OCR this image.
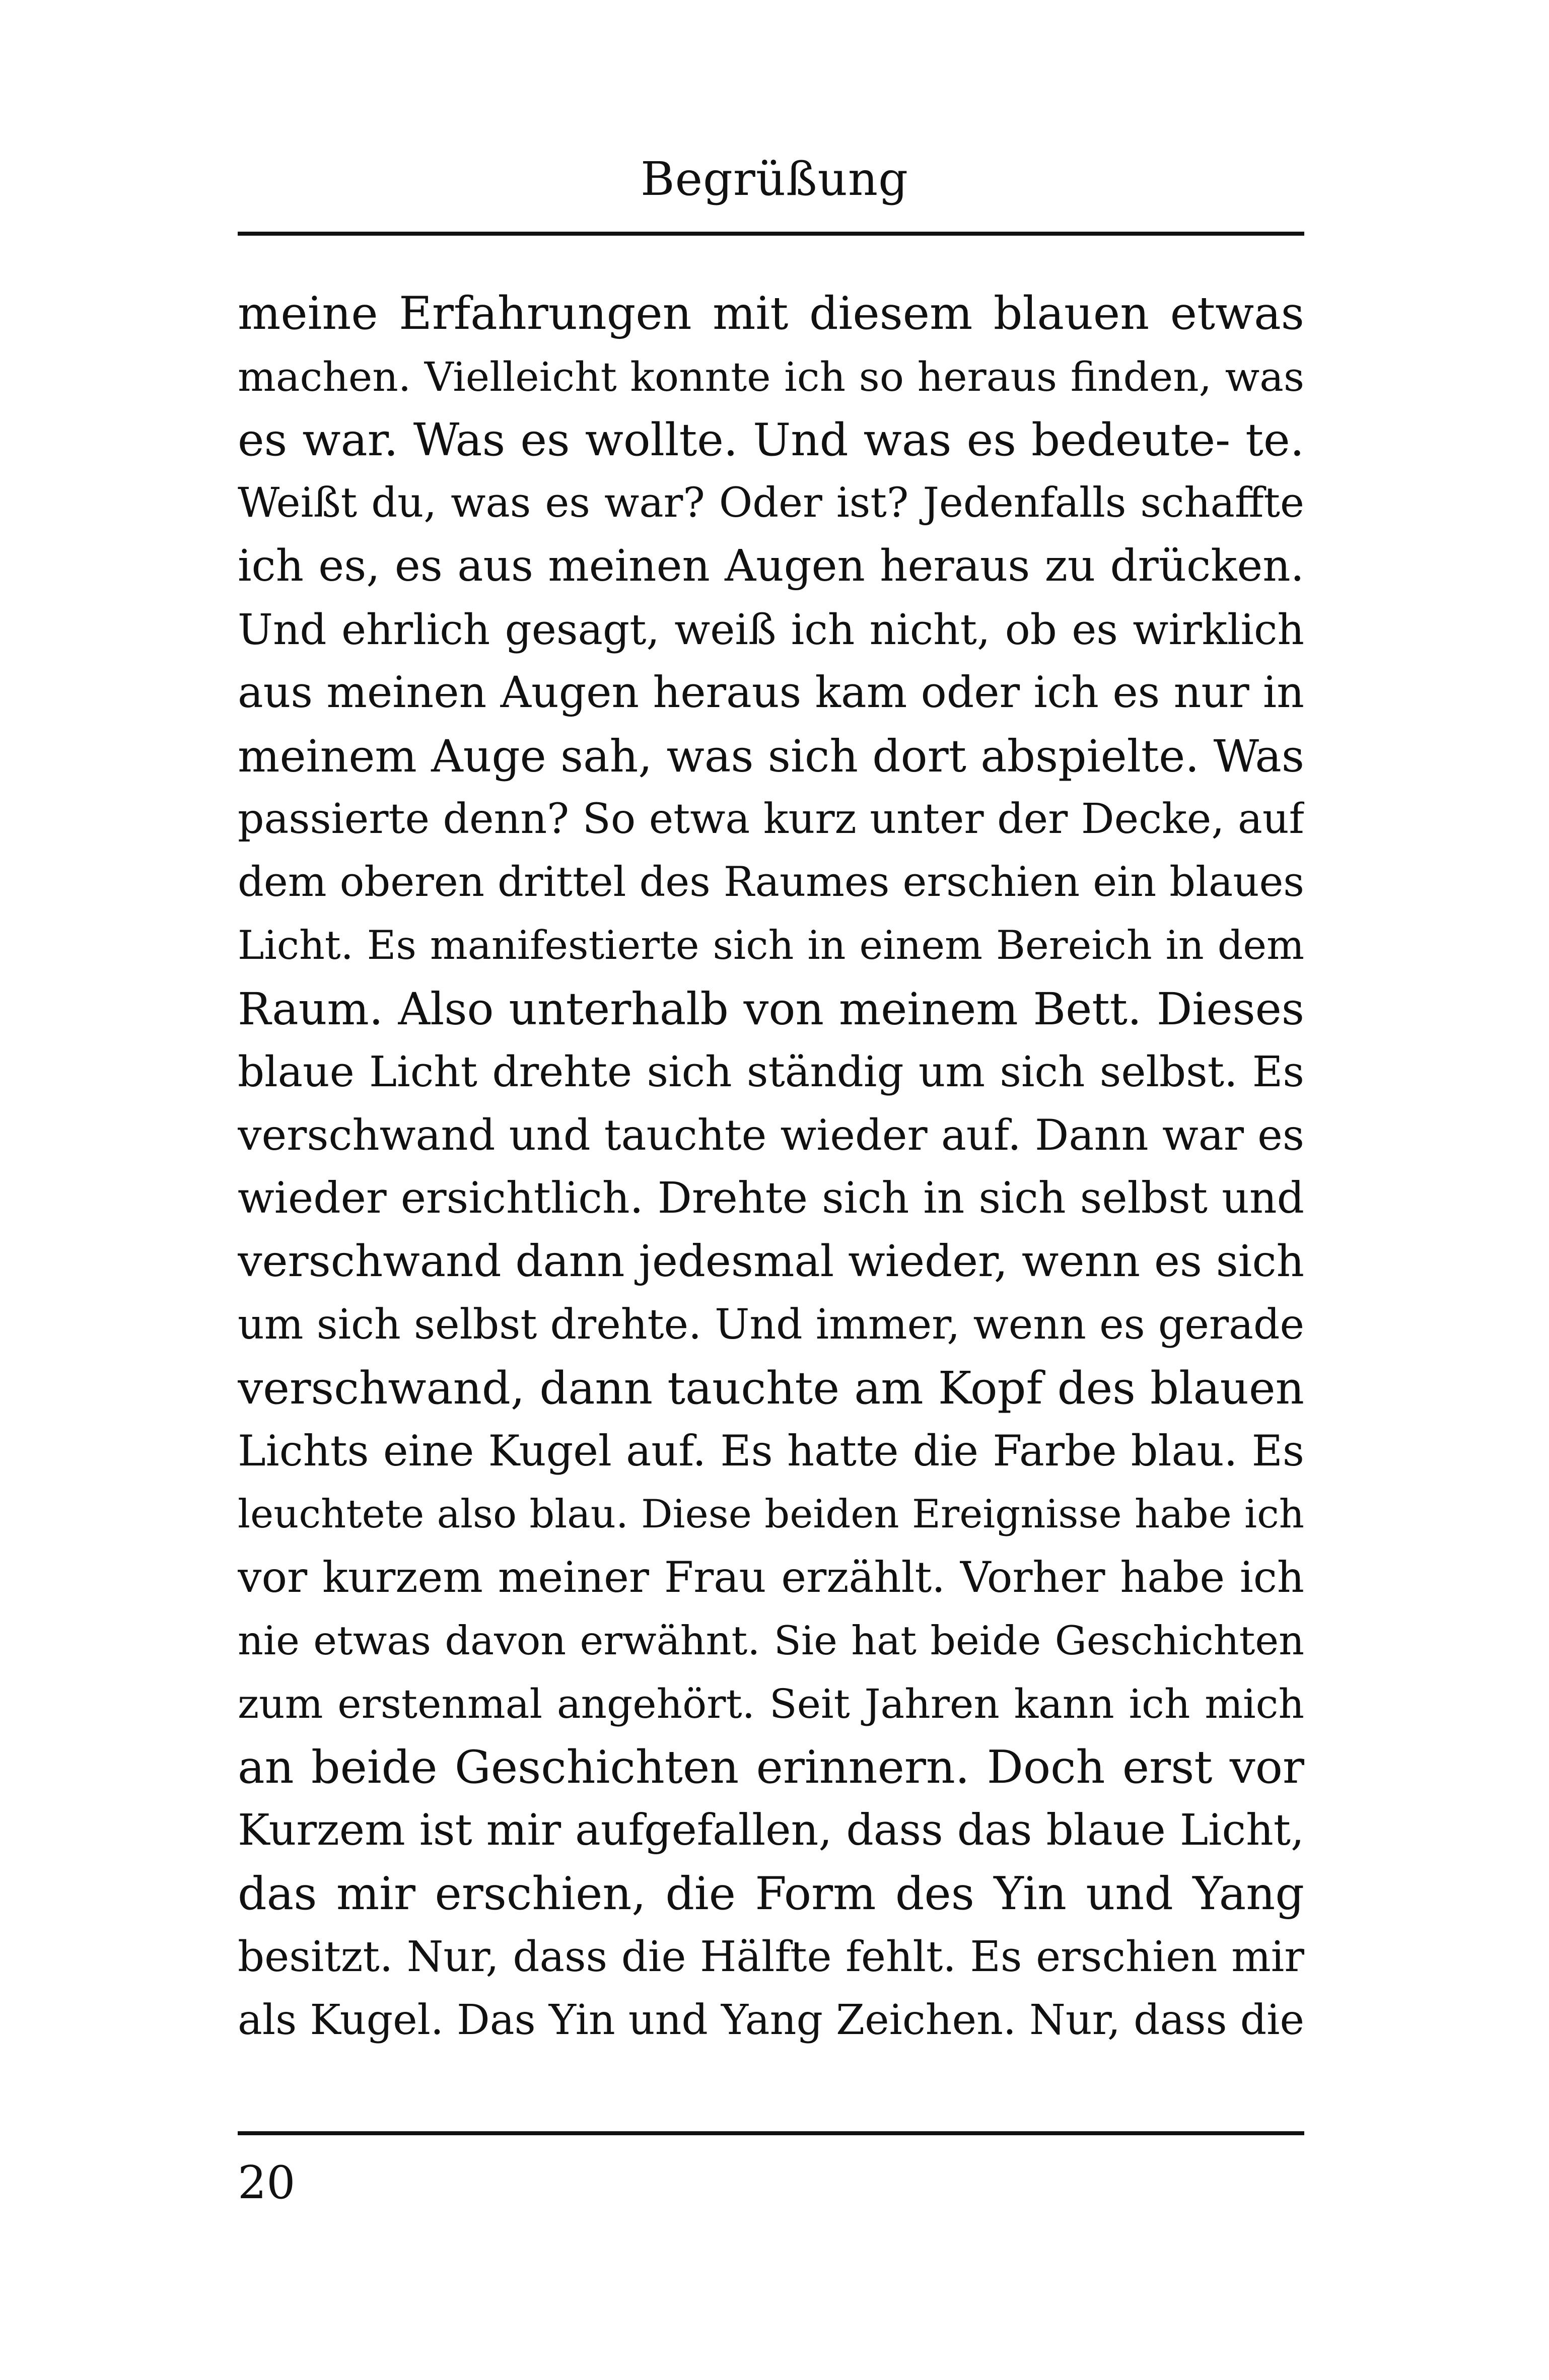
Begrüßung
meine Erfahrungen mit diesem blauen etwas
machen. Vielleicht konnte ich so heraus finden, was
es war. Was es wollte. Und was es bedeute- te.
Weißt du, was es war? Oder ist? Jedenfalls schaffte
ich es, es aus meinen Augen heraus zu drücken.
Und ehrlich gesagt, weiß ich nicht, ob es wirklich
aus meinen Augen heraus kam oder ich es nur in
meinem Auge sah, was sich dort abspielte. Was
passierte denn? So etwa kurz unter der Decke, auf
dem oberen drittel des Raumes erschien ein blaues
Licht. Es manifestierte sich in einem Bereich in dem
Raum. Also unterhalb von meinem Bett. Dieses
blaue Licht drehte sich ständig um sich selbst. Es
verschwand und tauchte wieder auf. Dann war es
wieder ersichtlich. Drehte sich in sich selbst und
verschwand dann jedesmal wieder, wenn es sich
um sich selbst drehte. Und immer, wenn es gerade
verschwand, dann tauchte am Kopf des blauen
Lichts eine Kugel auf. Es hatte die Farbe blau. Es
leuchtete also blau. Diese beiden Ereignisse habe ich
vor kurzem meiner Frau erzählt. Vorher habe ich
nie etwas davon erwähnt. Sie hat beide Geschichten
zum erstenmal angehört. Seit Jahren kann ich mich
an beide Geschichten erinnern. Doch erst vor
Kurzem ist mir aufgefallen, dass das blaue Licht,
das mir erschien, die Form des Yin und Yang
besitzt. Nur, dass die Hälfte fehlt. Es erschien mir
als Kugel. Das Yin und Yang Zeichen. Nur, dass die
20
